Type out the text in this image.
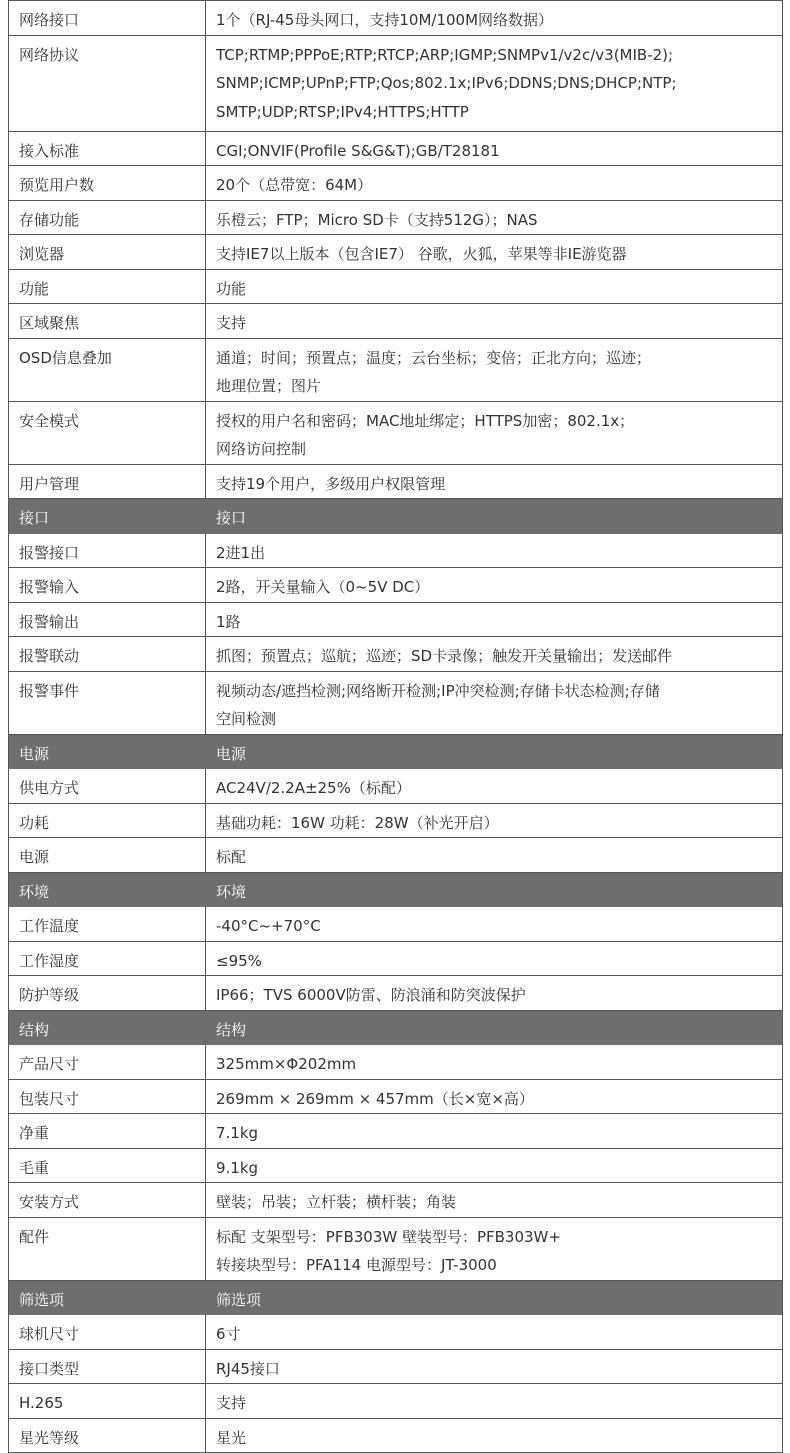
网络接口	1个（RJ-45母头网口，支持10M/100M网络数据）

网络协议	TCP;RTMP;PPPoE;RTP;RTCP;ARP;IGMP;SNMPv1/v2c/v3(MIB-2);
SNMP;ICMP;UPnP;FTP;Qos;802.1x;IPv6;DDNS;DNS;DHCP;NTP;
SMTP;UDP;RTSP;IPv4;HTTPS;HTTP

接入标准	CGI;ONVIF(Profile S&G&T);GB/T28181

预览用户数	20个（总带宽：64M）

存储功能	乐橙云；FTP；Micro SD卡（支持512G）；NAS

浏览器	支持IE7以上版本（包含IE7） 谷歌，火狐，苹果等非IE游览器

功能	功能

区域聚焦	支持

OSD信息叠加	通道；时间；预置点；温度；云台坐标；变倍；正北方向；巡迹；
地理位置；图片

安全模式	授权的用户名和密码；MAC地址绑定；HTTPS加密；802.1x；
网络访问控制

用户管理	支持19个用户，多级用户权限管理

接口	接口

报警接口	2进1出

报警输入	2路，开关量输入（0~5V DC）

报警输出	1路

报警联动	抓图；预置点；巡航；巡迹；SD卡录像；触发开关量输出；发送邮件

报警事件	视频动态/遮挡检测;网络断开检测;IP冲突检测;存储卡状态检测;存储
空间检测

电源	电源

供电方式	AC24V/2.2A±25%（标配）

功耗	基础功耗：16W 功耗：28W（补光开启）

电源	标配

环境	环境

工作温度	-40°C~+70°C

工作湿度	≤95%

防护等级	IP66；TVS 6000V防雷、防浪涌和防突波保护

结构	结构

产品尺寸	325mm×Φ202mm

包装尺寸	269mm × 269mm × 457mm（长×宽×高）

净重	7.1kg

毛重	9.1kg

安装方式	壁装；吊装；立杆装；横杆装；角装

配件	标配 支架型号：PFB303W 壁装型号：PFB303W+
转接块型号：PFA114 电源型号：JT-3000

筛选项	筛选项

球机尺寸	6寸

接口类型	RJ45接口

H.265	支持

星光等级	星光
